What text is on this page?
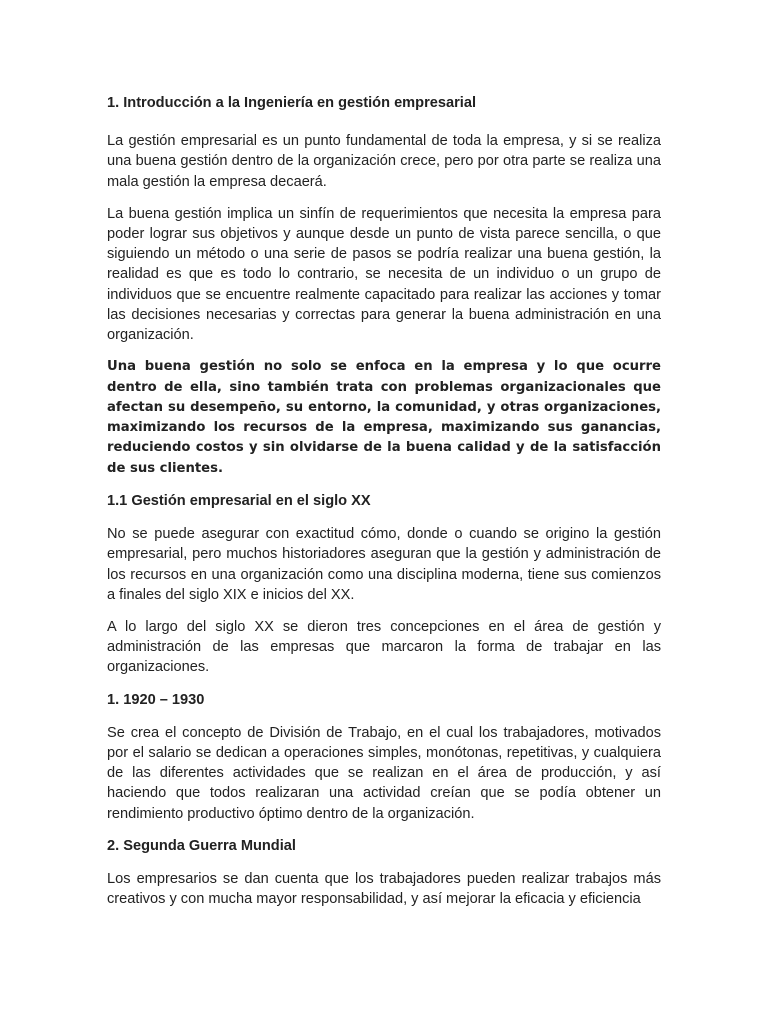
1. Introducción a la Ingeniería en gestión empresarial

La gestión empresarial es un punto fundamental de toda la empresa, y si se realiza una buena gestión dentro de la organización crece, pero por otra parte se realiza una mala gestión la empresa decaerá.

La buena gestión implica un sinfín de requerimientos que necesita la empresa para poder lograr sus objetivos y aunque desde un punto de vista parece sencilla, o que siguiendo un método o una serie de pasos se podría realizar una buena gestión, la realidad es que es todo lo contrario, se necesita de un individuo o un grupo de individuos que se encuentre realmente capacitado para realizar las acciones y tomar las decisiones necesarias y correctas para generar la buena administración en una organización.

Una buena gestión no solo se enfoca en la empresa y lo que ocurre dentro de ella, sino también trata con problemas organizacionales que afectan su desempeño, su entorno, la comunidad, y otras organizaciones, maximizando los recursos de la empresa, maximizando sus ganancias, reduciendo costos y sin olvidarse de la buena calidad y de la satisfacción de sus clientes.

1.1 Gestión empresarial en el siglo XX

No se puede asegurar con exactitud cómo, donde o cuando se origino la gestión empresarial, pero muchos historiadores aseguran que la gestión y administración de los recursos en una organización como una disciplina moderna, tiene sus comienzos a finales del siglo XIX e inicios del XX.

A lo largo del siglo XX se dieron tres concepciones en el área de gestión y administración de las empresas que marcaron la forma de trabajar en las organizaciones.

1. 1920 – 1930

Se crea el concepto de División de Trabajo, en el cual los trabajadores, motivados por el salario se dedican a operaciones simples, monótonas, repetitivas, y cualquiera de las diferentes actividades que se realizan en el área de producción, y así haciendo que todos realizaran una actividad creían que se podía obtener un rendimiento productivo óptimo dentro de la organización.

2. Segunda Guerra Mundial

Los empresarios se dan cuenta que los trabajadores pueden realizar trabajos más creativos y con mucha mayor responsabilidad, y así mejorar la eficacia y eficiencia
